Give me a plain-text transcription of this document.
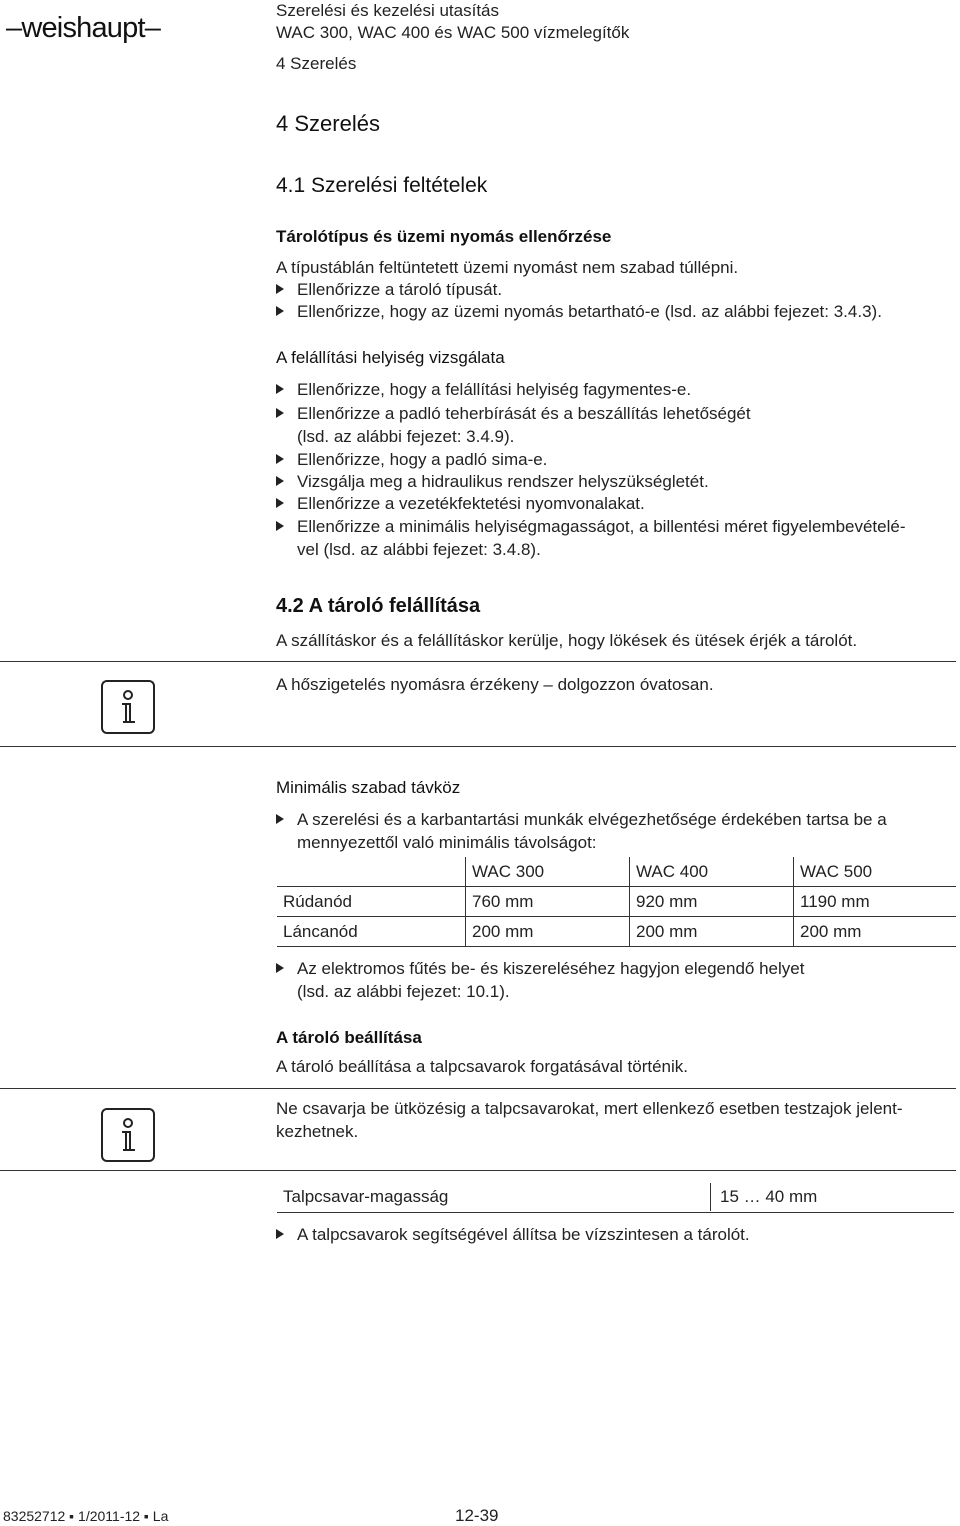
–weishaupt–
Szerelési és kezelési utasítás
WAC 300, WAC 400 és WAC 500 vízmelegítők
4 Szerelés
4 Szerelés
4.1 Szerelési feltételek
Tárolótípus és üzemi nyomás ellenőrzése
A típustáblán feltüntetett üzemi nyomást nem szabad túllépni.
Ellenőrizze a tároló típusát.
Ellenőrizze, hogy az üzemi nyomás betartható-e (lsd. az alábbi fejezet: 3.4.3).
A felállítási helyiség vizsgálata
Ellenőrizze, hogy a felállítási helyiség fagymentes-e.
Ellenőrizze a padló teherbírását és a beszállítás lehetőségét
(lsd. az alábbi fejezet: 3.4.9).
Ellenőrizze, hogy a padló sima-e.
Vizsgálja meg a hidraulikus rendszer helyszükségletét.
Ellenőrizze a vezetékfektetési nyomvonalakat.
Ellenőrizze a minimális helyiségmagasságot, a billentési méret figyelembevételé-
vel (lsd. az alábbi fejezet: 3.4.8).
4.2 A tároló felállítása
A szállításkor és a felállításkor kerülje, hogy lökések és ütések érjék a tárolót.
A hőszigetelés nyomásra érzékeny – dolgozzon óvatosan.
Minimális szabad távköz
A szerelési és a karbantartási munkák elvégezhetősége érdekében tartsa be a
mennyezettől való minimális távolságot:
	WAC 300	WAC 400	WAC 500
Rúdanód	760 mm	920 mm	1190 mm
Láncanód	200 mm	200 mm	200 mm
Az elektromos fűtés be- és kiszereléséhez hagyjon elegendő helyet
(lsd. az alábbi fejezet: 10.1).
A tároló beállítása
A tároló beállítása a talpcsavarok forgatásával történik.
Ne csavarja be ütközésig a talpcsavarokat, mert ellenkező esetben testzajok jelent-
kezhetnek.
Talpcsavar-magasság	15 … 40 mm
A talpcsavarok segítségével állítsa be vízszintesen a tárolót.
83252712 ▪ 1/2011-12 ▪ La	12-39
